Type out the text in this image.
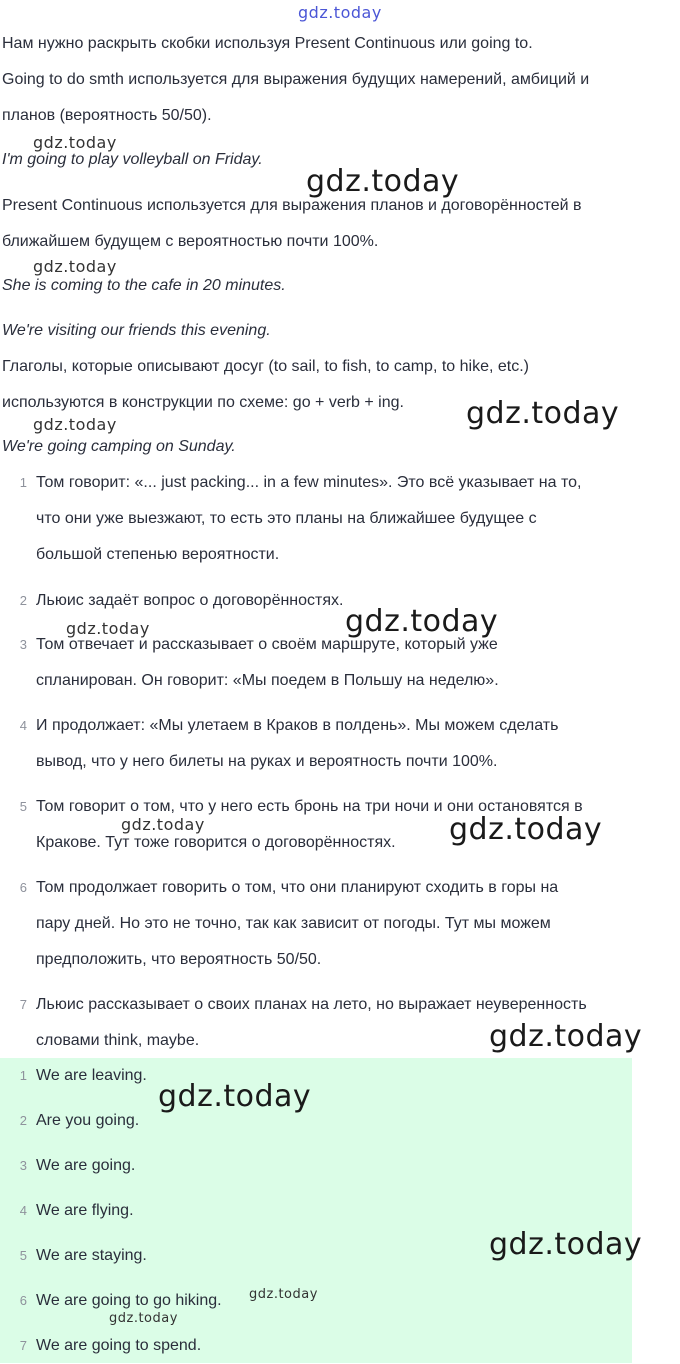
Нам нужно раскрыть скобки используя Present Continuous или going to.

Going to do smth используется для выражения будущих намерений, амбиций и

планов (вероятность 50/50).

I'm going to play volleyball on Friday.

Present Continuous используется для выражения планов и договорённостей в

ближайшем будущем с вероятностью почти 100%.

She is coming to the cafe in 20 minutes.

We're visiting our friends this evening.

Глаголы, которые описывают досуг (to sail, to fish, to camp, to hike, etc.)

используются в конструкции по схеме: go + verb + ing.

We're going camping on Sunday.

1 Том говорит: «... just packing... in a few minutes». Это всё указывает на то,

что они уже выезжают, то есть это планы на ближайшее будущее с

большой степенью вероятности.

2 Льюис задаёт вопрос о договорённостях.

3 Том отвечает и рассказывает о своём маршруте, который уже

спланирован. Он говорит: «Мы поедем в Польшу на неделю».

4 И продолжает: «Мы улетаем в Краков в полдень». Мы можем сделать

вывод, что у него билеты на руках и вероятность почти 100%.

5 Том говорит о том, что у него есть бронь на три ночи и они остановятся в

Кракове. Тут тоже говорится о договорённостях.

6 Том продолжает говорить о том, что они планируют сходить в горы на

пару дней. Но это не точно, так как зависит от погоды. Тут мы можем

предположить, что вероятность 50/50.

7 Льюис рассказывает о своих планах на лето, но выражает неуверенность

словами think, maybe.

1 We are leaving.

2 Are you going.

3 We are going.

4 We are flying.

5 We are staying.

6 We are going to go hiking.

7 We are going to spend.

gdz.today
gdz.today
gdz.today
gdz.today
gdz.today
gdz.today
gdz.today
gdz.today
gdz.today	gdz.today
gdz.today
gdz.today
gdz.today
gdz.today
gdz.today
